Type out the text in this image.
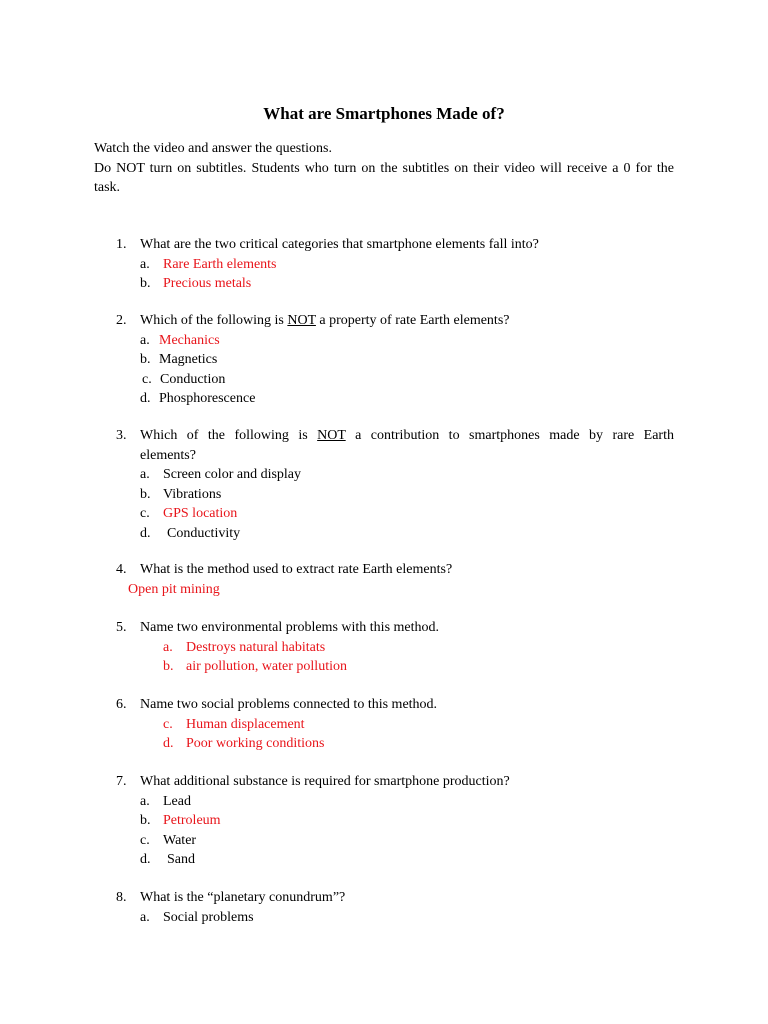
What are Smartphones Made of?

Watch the video and answer the questions.

Do NOT turn on subtitles. Students who turn on the subtitles on their video will receive a 0 for the task.

1. What are the two critical categories that smartphone elements fall into?
a. Rare Earth elements
b. Precious metals
2. Which of the following is NOT a property of rate Earth elements?
a. Mechanics
b. Magnetics
c. Conduction
d. Phosphorescence
3. Which of the following is NOT a contribution to smartphones made by rare Earth elements?
a. Screen color and display
b. Vibrations
c. GPS location
d.	Conductivity
4. What is the method used to extract rate Earth elements?
Open pit mining
5. Name two environmental problems with this method.
a. Destroys natural habitats
b. air pollution, water pollution
6. Name two social problems connected to this method.
c. Human displacement
d. Poor working conditions
7. What additional substance is required for smartphone production?
a. Lead
b. Petroleum
c. Water
d.	Sand
8. What is the “planetary conundrum”?
a. Social problems
